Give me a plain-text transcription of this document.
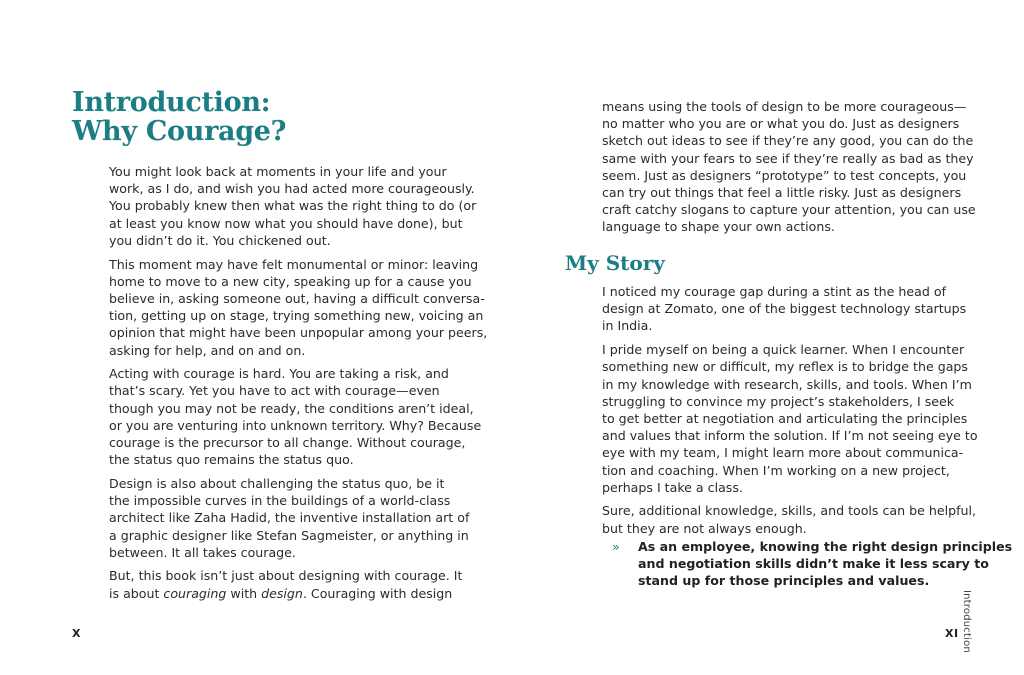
Introduction:
Why Courage?

You might look back at moments in your life and your
work, as I do, and wish you had acted more courageously.
You probably knew then what was the right thing to do (or
at least you know now what you should have done), but
you didn’t do it. You chickened out.

This moment may have felt monumental or minor: leaving
home to move to a new city, speaking up for a cause you
believe in, asking someone out, having a difficult conversa-
tion, getting up on stage, trying something new, voicing an
opinion that might have been unpopular among your peers,
asking for help, and on and on.

Acting with courage is hard. You are taking a risk, and
that’s scary. Yet you have to act with courage—even
though you may not be ready, the conditions aren’t ideal,
or you are venturing into unknown territory. Why? Because
courage is the precursor to all change. Without courage,
the status quo remains the status quo.

Design is also about challenging the status quo, be it
the impossible curves in the buildings of a world-class
architect like Zaha Hadid, the inventive installation art of
a graphic designer like Stefan Sagmeister, or anything in
between. It all takes courage.

But, this book isn’t just about designing with courage. It
is about couraging with design. Couraging with design

X
means using the tools of design to be more courageous—
no matter who you are or what you do. Just as designers
sketch out ideas to see if they’re any good, you can do the
same with your fears to see if they’re really as bad as they
seem. Just as designers “prototype” to test concepts, you
can try out things that feel a little risky. Just as designers
craft catchy slogans to capture your attention, you can use
language to shape your own actions.
My Story

I noticed my courage gap during a stint as the head of
design at Zomato, one of the biggest technology startups
in India.

I pride myself on being a quick learner. When I encounter
something new or difficult, my reflex is to bridge the gaps
in my knowledge with research, skills, and tools. When I’m
struggling to convince my project’s stakeholders, I seek
to get better at negotiation and articulating the principles
and values that inform the solution. If I’m not seeing eye to
eye with my team, I might learn more about communica-
tion and coaching. When I’m working on a new project,
perhaps I take a class.

Sure, additional knowledge, skills, and tools can be helpful,
but they are not always enough.

» As an employee, knowing the right design principles
and negotiation skills didn’t make it less scary to
stand up for those principles and values.
Introduction
XI
